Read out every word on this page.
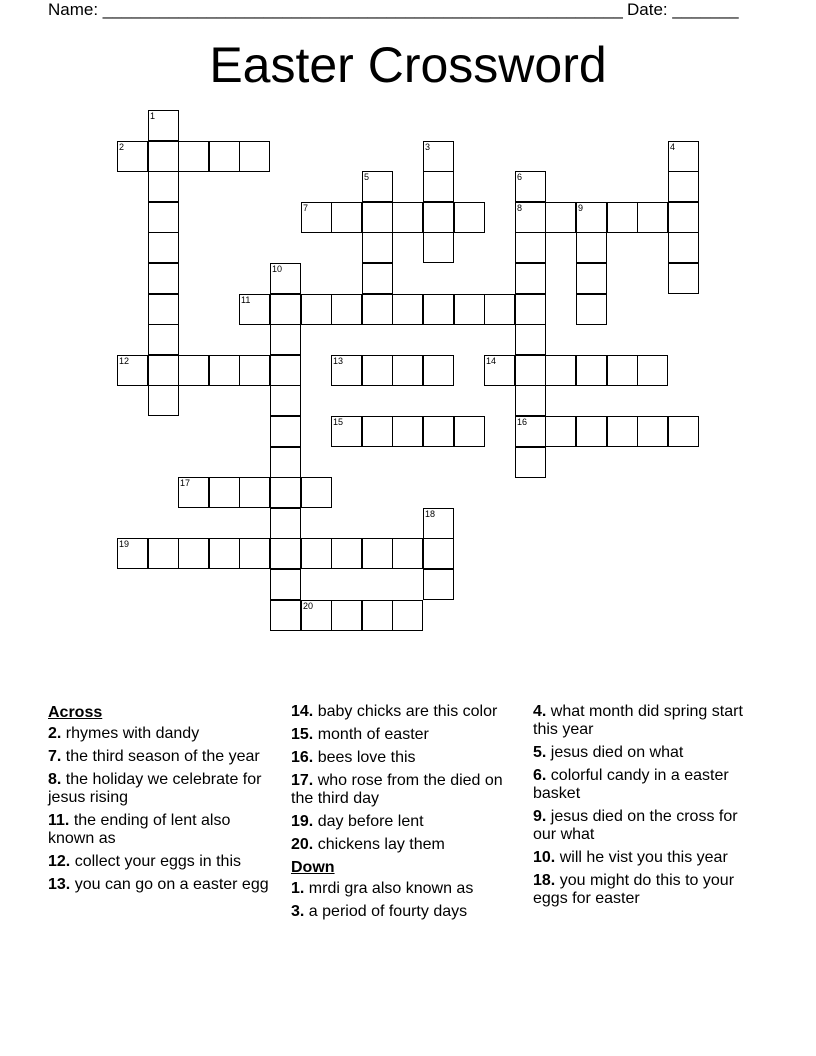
Name: _______________________________________________________ Date: _______
Easter Crossword
1
2	3	4
5	6
8
16
7	9
10
11
12	13	14
15
17
18
19
20
Across
2. rhymes with dandy
7. the third season of the year
8. the holiday we celebrate for jesus rising
11. the ending of lent also known as
12. collect your eggs in this
13. you can go on a easter egg
14. baby chicks are this color
15. month of easter
16. bees love this
17. who rose from the died on the third day
19. day before lent
20. chickens lay them
Down
1. mrdi gra also known as
3. a period of fourty days
4. what month did spring start this year
5. jesus died on what
6. colorful candy in a easter basket
9. jesus died on the cross for our what
10. will he vist you this year
18. you might do this to your eggs for easter
